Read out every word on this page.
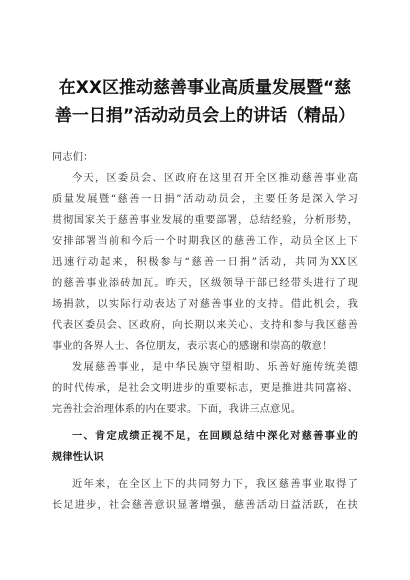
在XX区推动慈善事业高质量发展暨“慈
善一日捐”活动动员会上的讲话（精品）
同志们：
今天，区委员会、区政府在这里召开全区推动慈善事业高
质量发展暨“慈善一日捐”活动动员会，主要任务是深入学习
贯彻国家关于慈善事业发展的重要部署，总结经验，分析形势，
安排部署当前和今后一个时期我区的慈善工作，动员全区上下
迅速行动起来，积极参与“慈善一日捐”活动，共同为XX区
的慈善事业添砖加瓦。昨天，区级领导干部已经带头进行了现
场捐款，以实际行动表达了对慈善事业的支持。借此机会，我
代表区委员会、区政府，向长期以来关心、支持和参与我区慈善
事业的各界人士、各位朋友，表示衷心的感谢和崇高的敬意！
发展慈善事业，是中华民族守望相助、乐善好施传统美德
的时代传承，是社会文明进步的重要标志，更是推进共同富裕、
完善社会治理体系的内在要求。下面，我讲三点意见。
一、肯定成绩正视不足，在回顾总结中深化对慈善事业的
规律性认识
近年来，在全区上下的共同努力下，我区慈善事业取得了
长足进步，社会慈善意识显著增强，慈善活动日益活跃，在扶
